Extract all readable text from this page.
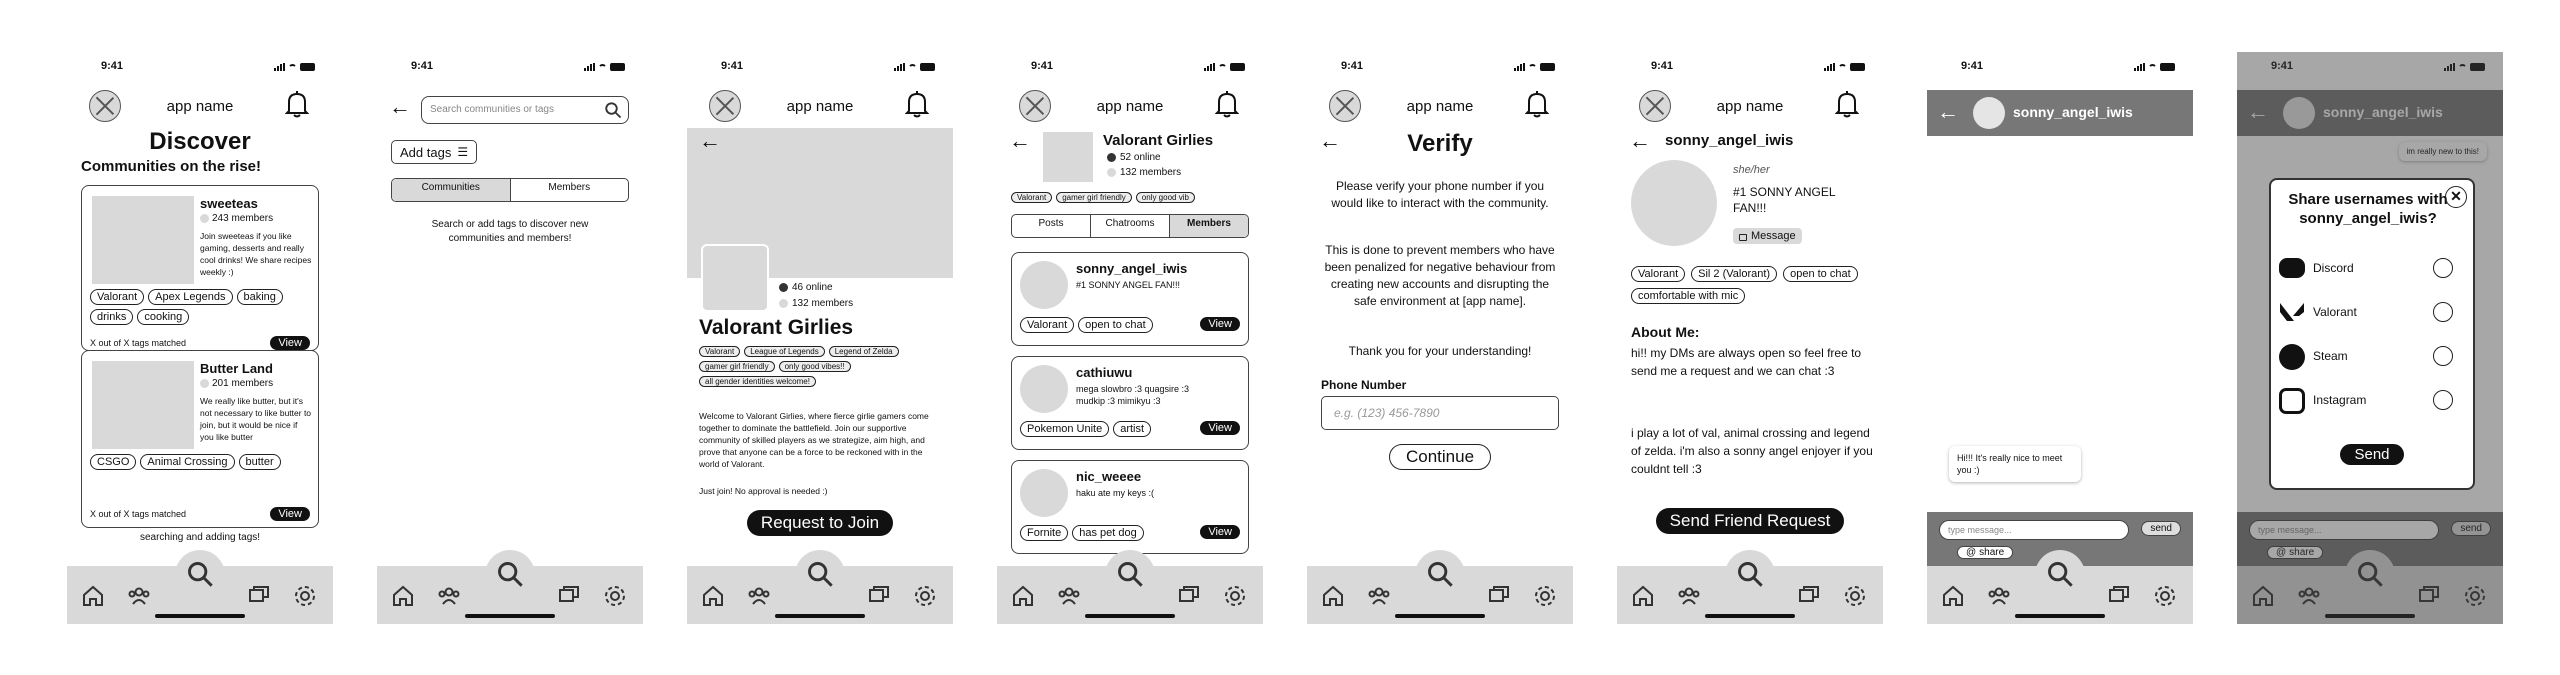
9:41
app name
Discover
Communities on the rise!
sweeteas
243 members
Join sweeteas if you like gaming, desserts and really cool drinks! We share recipes weekly :)
Valorant	Apex Legends	baking
drinks	cooking
X out of X tags matched	View
Butter Land
201 members
We really like butter, but it's not necessary to like butter to join, but it would be nice if you like butter
CSGO	Animal Crossing	butter
X out of X tags matched	View
searching and adding tags!
9:41
← Search communities or tags
Add tags ☰
Communities	Members
Search or add tags to discover new communities and members!
9:41
app name
←
46 online
132 members
Valorant Girlies
Valorant	League of Legends	Legend of Zelda
gamer girl friendly	only good vibes!!
all gender identities welcome!
Welcome to Valorant Girlies, where fierce girlie gamers come together to dominate the battlefield. Join our supportive community of skilled players as we strategize, aim high, and prove that anyone can be a force to be reckoned with in the world of Valorant.
Just join! No approval is needed :)
Request to Join
9:41
app name
←	Valorant Girlies
52 online
132 members
Valorant	gamer girl friendly	only good vib
Posts	Chatrooms	Members
sonny_angel_iwis
#1 SONNY ANGEL FAN!!!
Valorant	open to chat	View
cathiuwu
mega slowbro :3 quagsire :3 mudkip :3 mimikyu :3
Pokemon Unite	artist	View
nic_weeee
haku ate my keys :(
Fornite	has pet dog	View
9:41
app name
←	Verify
Please verify your phone number if you would like to interact with the community.
This is done to prevent members who have been penalized for negative behaviour from creating new accounts and disrupting the safe environment at [app name].
Thank you for your understanding!
Phone Number
e.g. (123) 456-7890
Continue
9:41
app name
← sonny_angel_iwis
she/her
#1 SONNY ANGEL FAN!!!
Message
Valorant	Sil 2 (Valorant)	open to chat
comfortable with mic
About Me:
hi!! my DMs are always open so feel free to send me a request and we can chat :3
i play a lot of val, animal crossing and legend of zelda. i'm also a sonny angel enjoyer if you couldnt tell :3
Send Friend Request
9:41
←	sonny_angel_iwis
Hi!!! It's really nice to meet you :)
type message...	send
@ share
9:41
←	sonny_angel_iwis
im really new to this!
type message...	send
@ share
Share usernames with sonny_angel_iwis?
✕
Discord
Valorant
Steam
Instagram
Send
